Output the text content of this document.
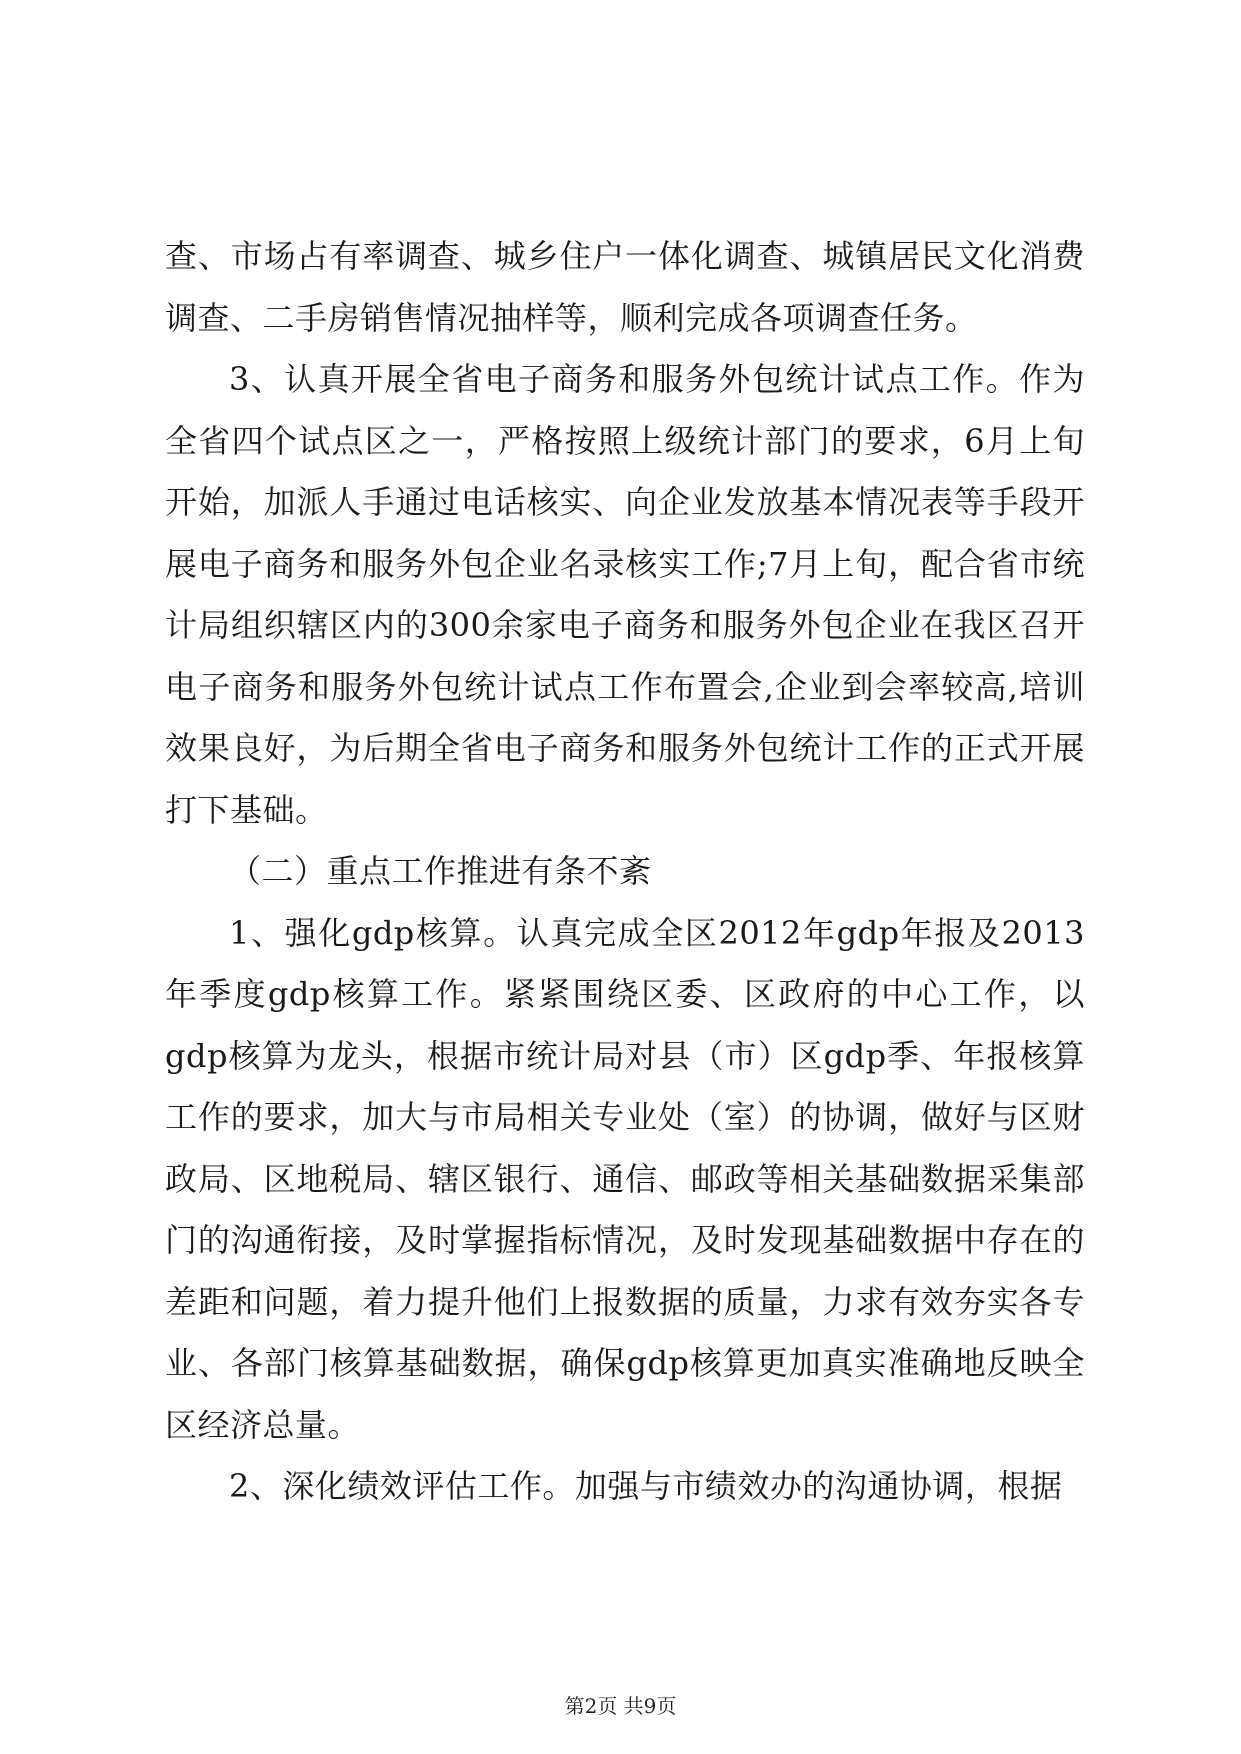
查、市场占有率调查、城乡住户一体化调查、城镇居民文化消费调查、二手房销售情况抽样等，顺利完成各项调查任务。

3、认真开展全省电子商务和服务外包统计试点工作。作为全省四个试点区之一，严格按照上级统计部门的要求，6月上旬开始，加派人手通过电话核实、向企业发放基本情况表等手段开展电子商务和服务外包企业名录核实工作;7月上旬，配合省市统计局组织辖区内的300余家电子商务和服务外包企业在我区召开电子商务和服务外包统计试点工作布置会,企业到会率较高,培训效果良好，为后期全省电子商务和服务外包统计工作的正式开展打下基础。

（二）重点工作推进有条不紊

1、强化gdp核算。认真完成全区2012年gdp年报及2013年季度gdp核算工作。紧紧围绕区委、区政府的中心工作，以gdp核算为龙头，根据市统计局对县（市）区gdp季、年报核算工作的要求，加大与市局相关专业处（室）的协调，做好与区财政局、区地税局、辖区银行、通信、邮政等相关基础数据采集部门的沟通衔接，及时掌握指标情况，及时发现基础数据中存在的差距和问题，着力提升他们上报数据的质量，力求有效夯实各专业、各部门核算基础数据，确保gdp核算更加真实准确地反映全区经济总量。

2、深化绩效评估工作。加强与市绩效办的沟通协调，根据

第2页 共9页
